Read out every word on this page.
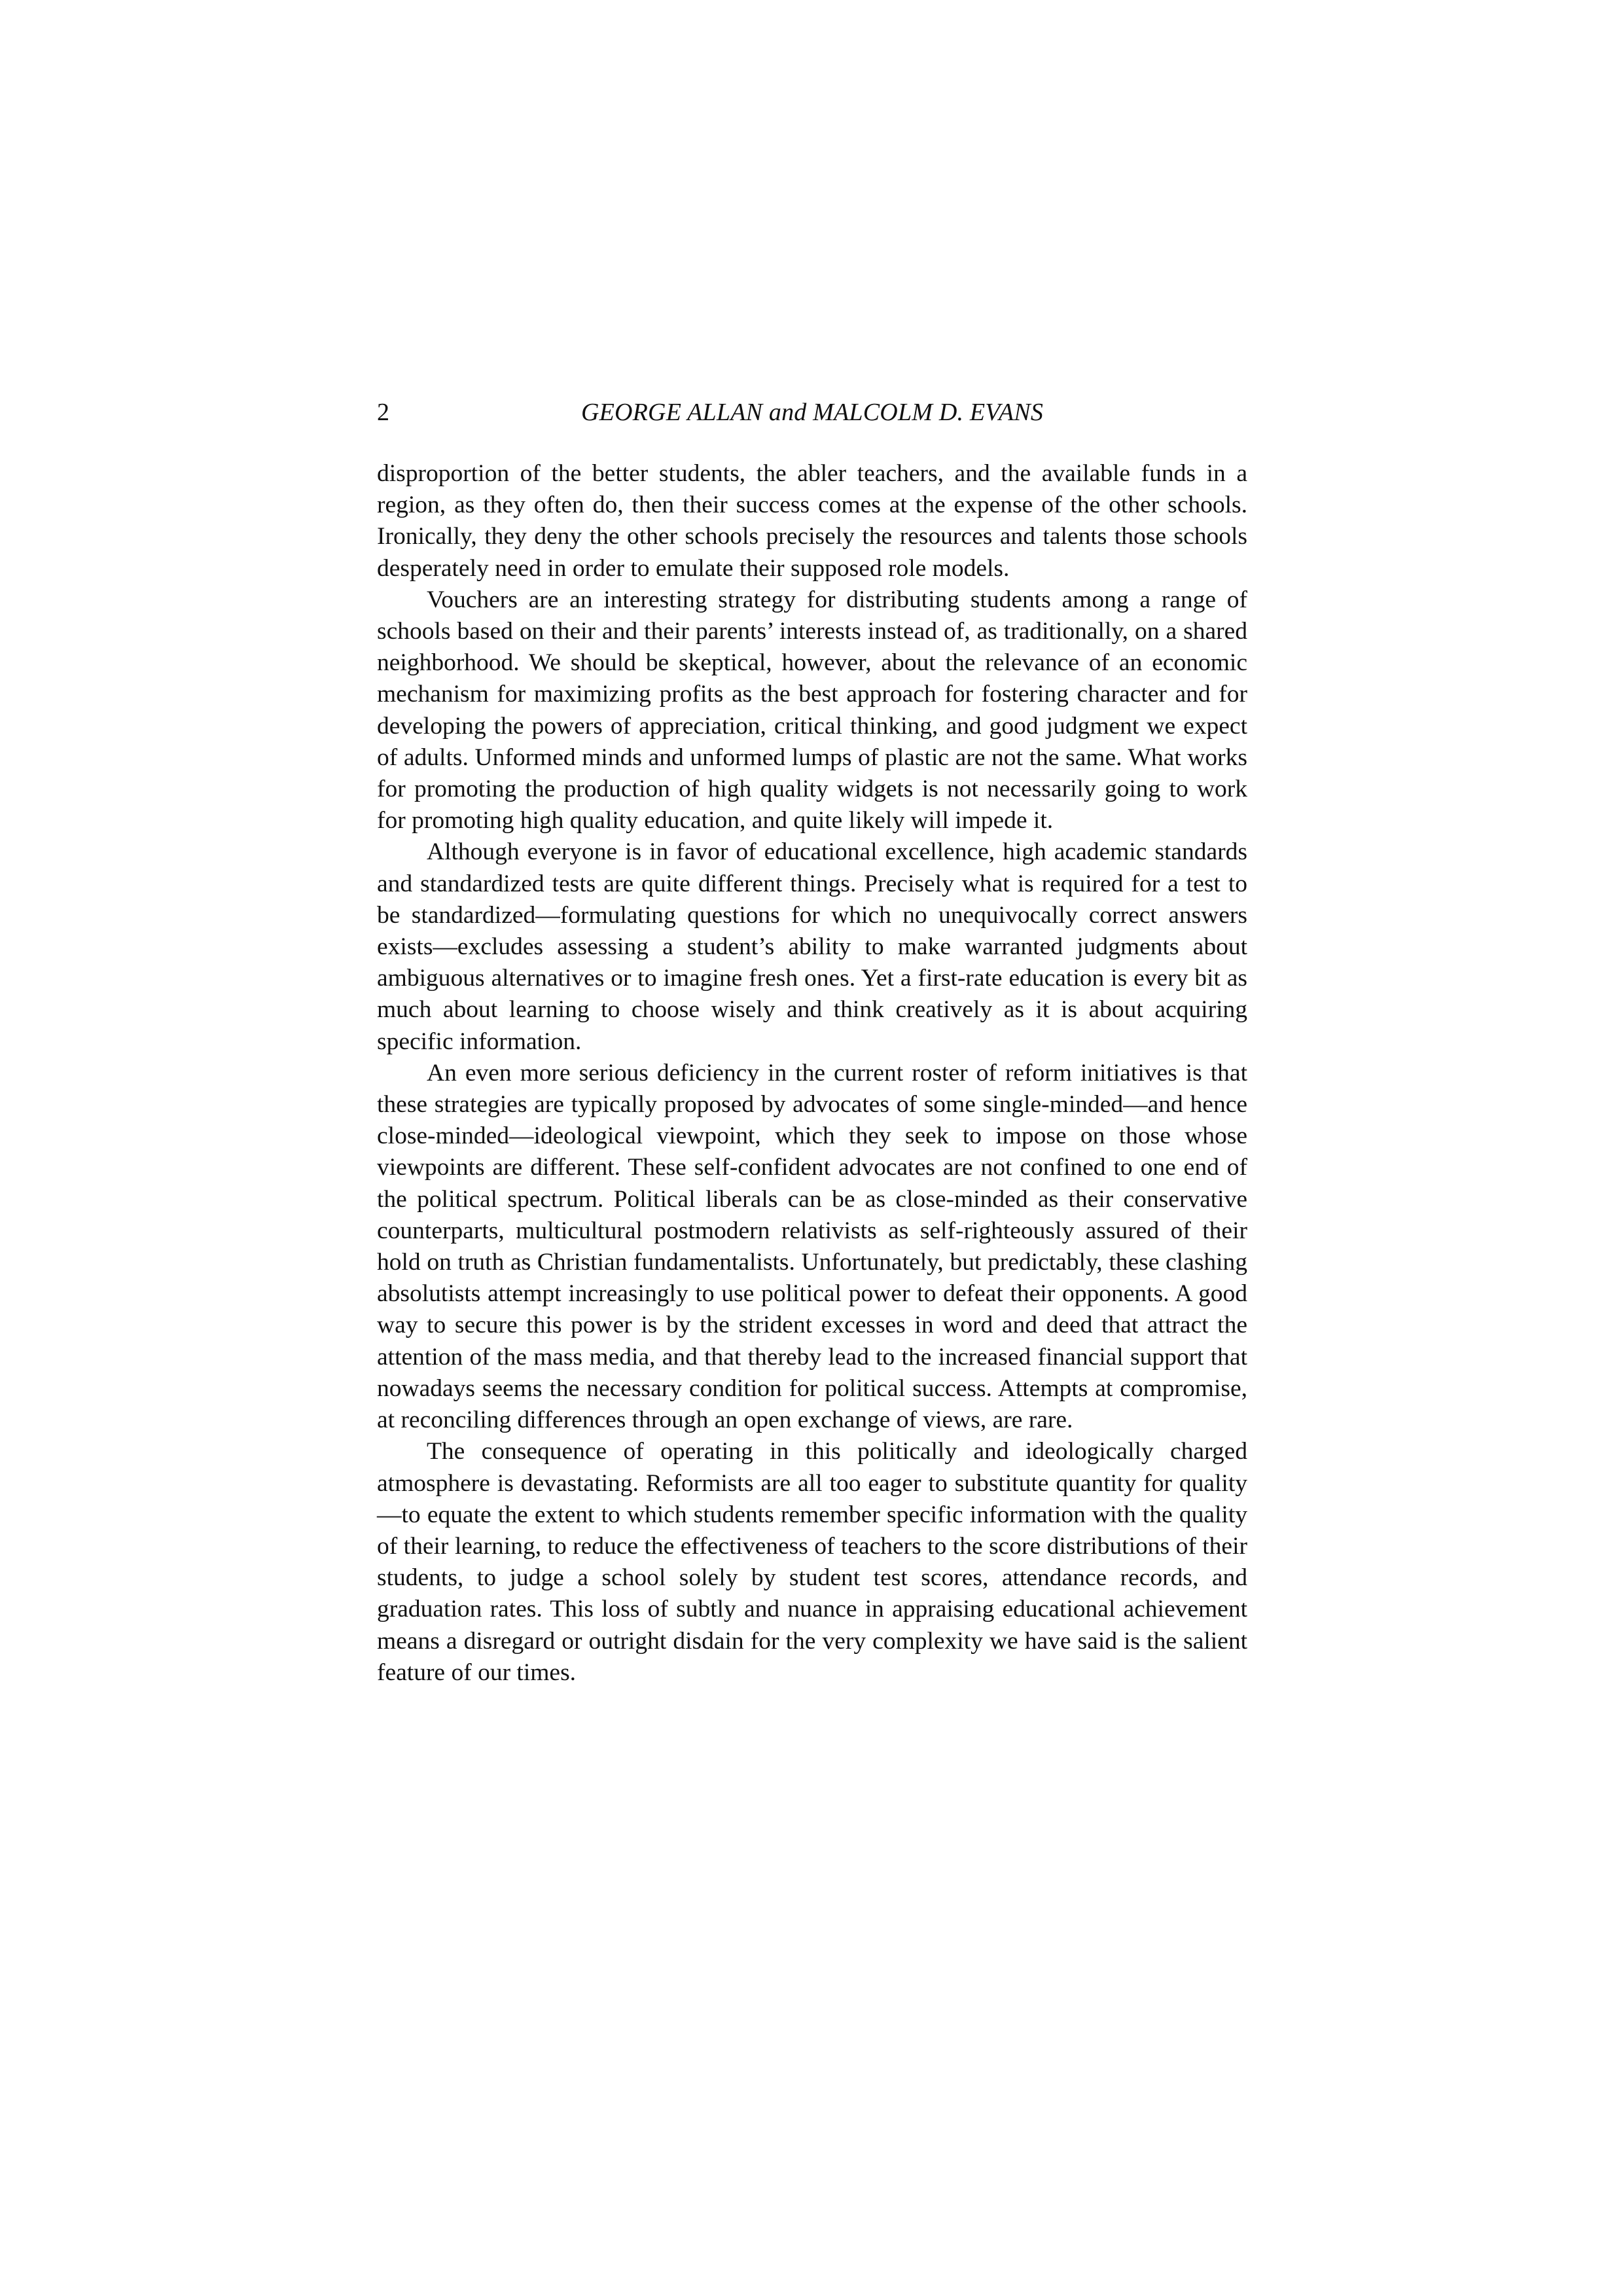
2	GEORGE ALLAN and MALCOLM D. EVANS

disproportion of the better students, the abler teachers, and the available funds in a region, as they often do, then their success comes at the expense of the other schools. Ironically, they deny the other schools precisely the resources and talents those schools desperately need in order to emulate their supposed role models.

Vouchers are an interesting strategy for distributing students among a range of schools based on their and their parents’ interests instead of, as traditionally, on a shared neighborhood. We should be skeptical, however, about the relevance of an economic mechanism for maximizing profits as the best approach for fostering character and for developing the powers of appreciation, critical thinking, and good judgment we expect of adults. Unformed minds and unformed lumps of plastic are not the same. What works for promoting the production of high quality widgets is not necessarily going to work for promoting high quality education, and quite likely will impede it.

Although everyone is in favor of educational excellence, high academic standards and standardized tests are quite different things. Precisely what is required for a test to be standardized—formulating questions for which no unequivocally correct answers exists—excludes assessing a student’s ability to make warranted judgments about ambiguous alternatives or to imagine fresh ones. Yet a first-rate education is every bit as much about learning to choose wisely and think creatively as it is about acquiring specific information.

An even more serious deficiency in the current roster of reform initiatives is that these strategies are typically proposed by advocates of some single-minded—and hence close-minded—ideological viewpoint, which they seek to impose on those whose viewpoints are different. These self-confident advocates are not confined to one end of the political spectrum. Political liberals can be as close-minded as their conservative counterparts, multicultural postmodern relativists as self-righteously assured of their hold on truth as Christian fundamentalists. Unfortunately, but predictably, these clashing absolutists attempt increasingly to use political power to defeat their opponents. A good way to secure this power is by the strident excesses in word and deed that attract the attention of the mass media, and that thereby lead to the increased financial support that nowadays seems the necessary condition for political success. Attempts at compromise, at reconciling differences through an open exchange of views, are rare.

The consequence of operating in this politically and ideologically charged atmosphere is devastating. Reformists are all too eager to substitute quantity for quality—to equate the extent to which students remember specific information with the quality of their learning, to reduce the effectiveness of teachers to the score distributions of their students, to judge a school solely by student test scores, attendance records, and graduation rates. This loss of subtly and nuance in appraising educational achievement means a disregard or outright disdain for the very complexity we have said is the salient feature of our times.
